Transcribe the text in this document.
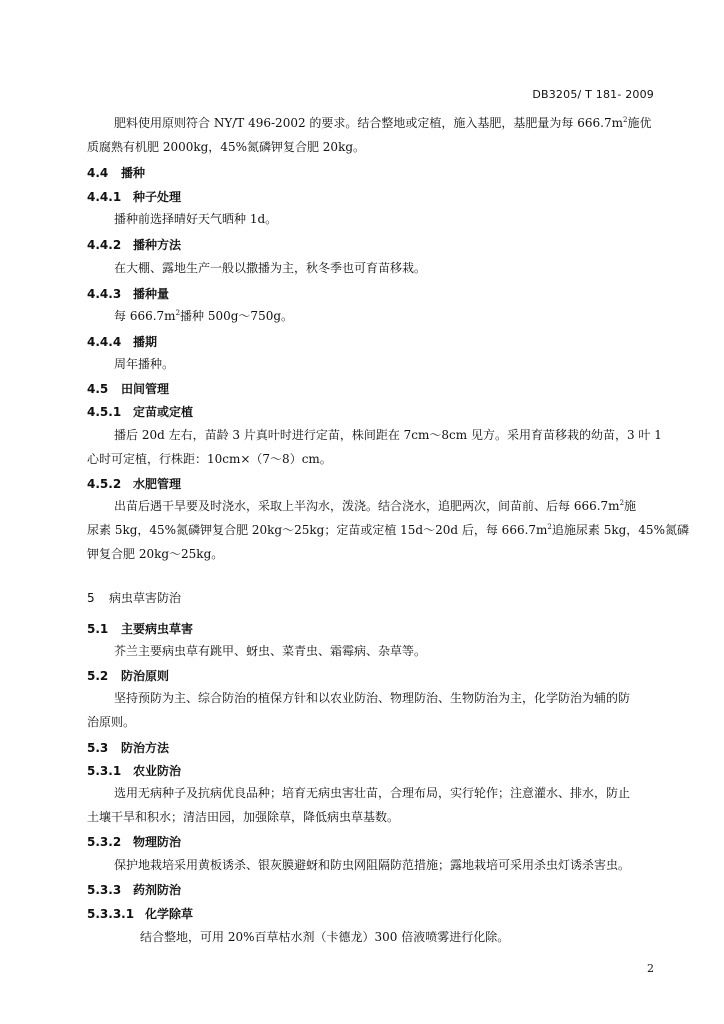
DB3205/ T 181- 2009
肥料使用原则符合 NY/T 496-2002 的要求。结合整地或定植，施入基肥，基肥量为每 $666.7m^2$施优
质腐熟有机肥 2000kg，45%氮磷钾复合肥 20kg。
4.4 播种
4.4.1 种子处理
播种前选择晴好天气晒种 1d。
4.4.2 播种方法
在大棚、露地生产一般以撒播为主，秋冬季也可育苗移栽。
4.4.3 播种量
每 $666.7m^2$播种 500g～750g。
4.4.4 播期
周年播种。
4.5 田间管理
4.5.1 定苗或定植
播后 20d 左右，苗龄 3 片真叶时进行定苗，株间距在 7cm～8cm 见方。采用育苗移栽的幼苗，3 叶 1
心时可定植，行株距：10cm×（7～8）cm。
4.5.2 水肥管理
出苗后遇干旱要及时浇水，采取上半沟水，泼浇。结合浇水，追肥两次，间苗前、后每 $666.7m^2$施
尿素 5kg，45%氮磷钾复合肥 20kg～25kg；定苗或定植 15d～20d 后，每 $666.7m^2$追施尿素 5kg，45%氮磷
钾复合肥 20kg～25kg。
5 病虫草害防治
5.1 主要病虫草害
芥兰主要病虫草有跳甲、蚜虫、菜青虫、霜霉病、杂草等。
5.2 防治原则
坚持预防为主、综合防治的植保方针和以农业防治、物理防治、生物防治为主，化学防治为辅的防
治原则。
5.3 防治方法
5.3.1 农业防治
选用无病种子及抗病优良品种；培育无病虫害壮苗，合理布局，实行轮作；注意灌水、排水，防止
土壤干旱和积水；清洁田园，加强除草，降低病虫草基数。
5.3.2 物理防治
保护地栽培采用黄板诱杀、银灰膜避蚜和防虫网阻隔防范措施；露地栽培可采用杀虫灯诱杀害虫。
5.3.3 药剂防治
5.3.3.1 化学除草
结合整地，可用 20%百草枯水剂（卡德龙）300 倍液喷雾进行化除。
2
